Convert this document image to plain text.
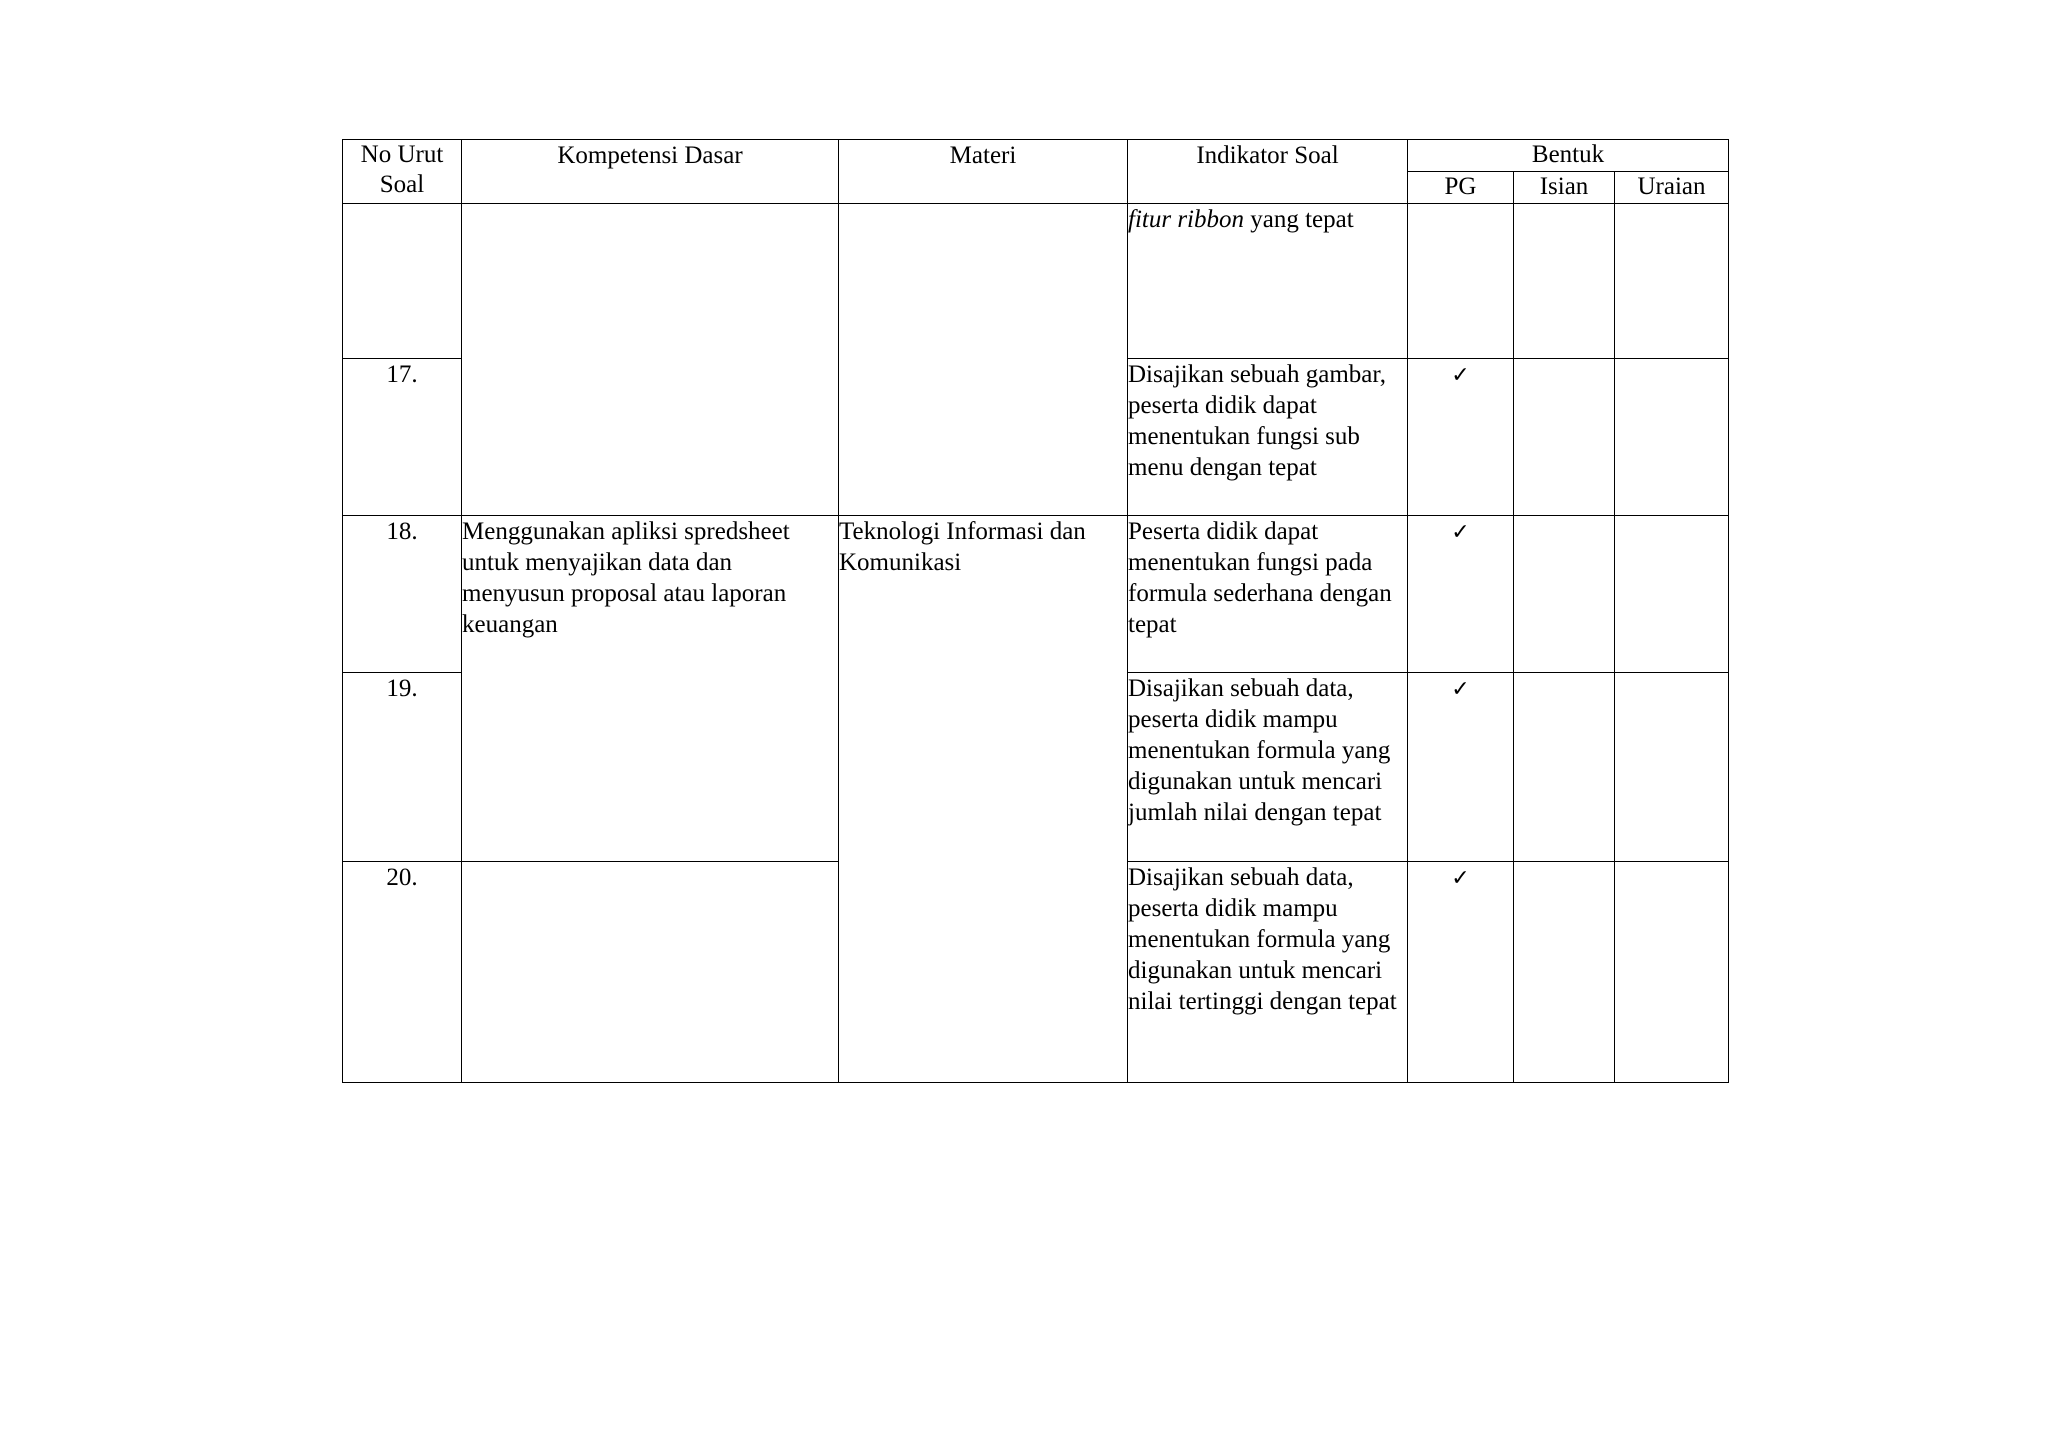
No Urut
Soal	Kompetensi Dasar	Materi	Indikator Soal	Bentuk		
				PG	Isian	Uraian
			fitur ribbon yang tepat			
17.			Disajikan sebuah gambar, peserta didik dapat menentukan fungsi sub menu dengan tepat	✓		
18.	Menggunakan apliksi spredsheet untuk menyajikan data dan menyusun proposal atau laporan keuangan	Teknologi Informasi dan Komunikasi	Peserta didik dapat menentukan fungsi pada formula sederhana dengan tepat	✓		
19.			Disajikan sebuah data, peserta didik mampu menentukan formula yang digunakan untuk mencari jumlah nilai dengan tepat	✓		
20.			Disajikan sebuah data, peserta didik mampu menentukan formula yang digunakan untuk mencari nilai tertinggi dengan tepat	✓		
